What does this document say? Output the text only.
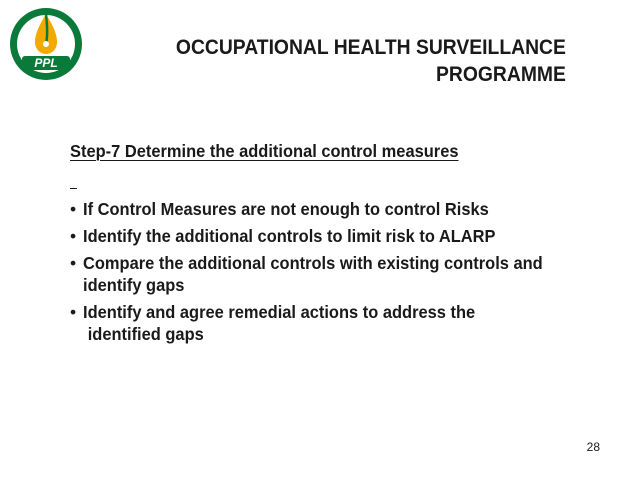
PPL
OCCUPATIONAL HEALTH SURVEILLANCE
PROGRAMME
Step-7 Determine the additional control measures
• If Control Measures are not enough to control Risks
• Identify the additional controls to limit risk to ALARP
• Compare the additional controls with existing controls and
identify gaps
• Identify and agree remedial actions to address the
identified gaps
28
